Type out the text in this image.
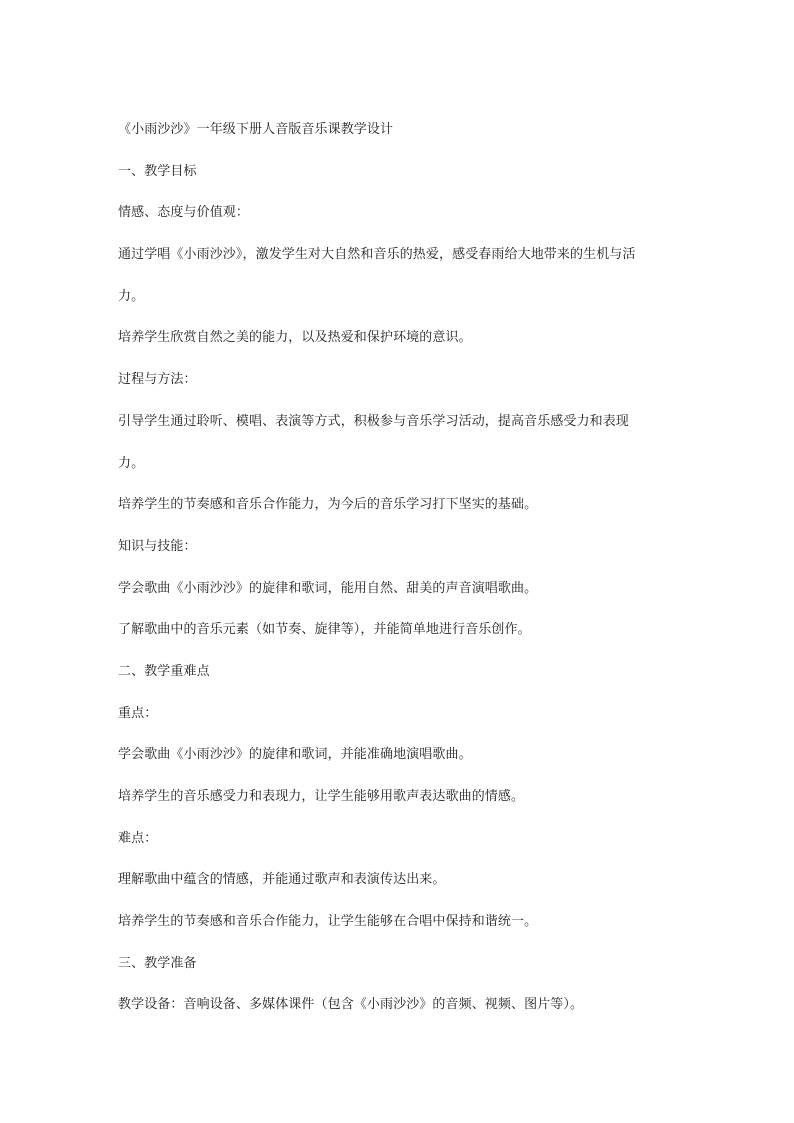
《小雨沙沙》一年级下册人音版音乐课教学设计
一、教学目标
情感、态度与价值观：
通过学唱《小雨沙沙》，激发学生对大自然和音乐的热爱，感受春雨给大地带来的生机与活
力。
培养学生欣赏自然之美的能力，以及热爱和保护环境的意识。
过程与方法：
引导学生通过聆听、模唱、表演等方式，积极参与音乐学习活动，提高音乐感受力和表现
力。
培养学生的节奏感和音乐合作能力，为今后的音乐学习打下坚实的基础。
知识与技能：
学会歌曲《小雨沙沙》的旋律和歌词，能用自然、甜美的声音演唱歌曲。
了解歌曲中的音乐元素（如节奏、旋律等），并能简单地进行音乐创作。
二、教学重难点
重点：
学会歌曲《小雨沙沙》的旋律和歌词，并能准确地演唱歌曲。
培养学生的音乐感受力和表现力，让学生能够用歌声表达歌曲的情感。
难点：
理解歌曲中蕴含的情感，并能通过歌声和表演传达出来。
培养学生的节奏感和音乐合作能力，让学生能够在合唱中保持和谐统一。
三、教学准备
教学设备：音响设备、多媒体课件（包含《小雨沙沙》的音频、视频、图片等）。
